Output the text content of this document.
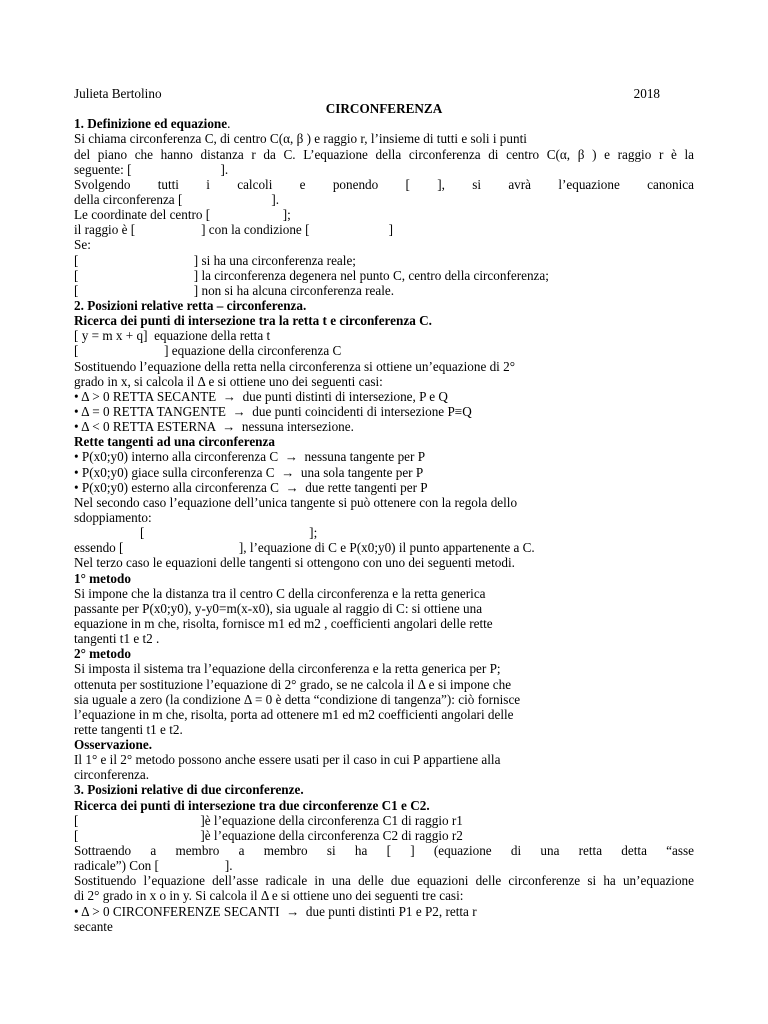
Julieta Bertolino	2018
CIRCONFERENZA
1. Definizione ed equazione.
Si chiama circonferenza C, di centro C(α, β ) e raggio r, l’insieme di tutti e soli i punti
del piano che hanno distanza r da C. L’equazione della circonferenza di centro C(α, β ) e raggio r è la
seguente: [                           ].
Svolgendo tutti i calcoli e ponendo [ ], si avrà l’equazione canonica
della circonferenza [                           ].
Le coordinate del centro [                      ];
il raggio è [                    ] con la condizione [                        ]
Se:
[                                   ] si ha una circonferenza reale;
[                                   ] la circonferenza degenera nel punto C, centro della circonferenza;
[                                   ] non si ha alcuna circonferenza reale.
2. Posizioni relative retta – circonferenza.
Ricerca dei punti di intersezione tra la retta t e circonferenza C.
[ y = m x + q]  equazione della retta t
[                          ] equazione della circonferenza C
Sostituendo l’equazione della retta nella circonferenza si ottiene un’equazione di 2°
grado in x, si calcola il Δ e si ottiene uno dei seguenti casi:
• Δ > 0 RETTA SECANTE  →  due punti distinti di intersezione, P e Q
• Δ = 0 RETTA TANGENTE  →  due punti coincidenti di intersezione P≡Q
• Δ < 0 RETTA ESTERNA  →  nessuna intersezione.
Rette tangenti ad una circonferenza
• P(x0;y0) interno alla circonferenza C  →  nessuna tangente per P
• P(x0;y0) giace sulla circonferenza C  →  una sola tangente per P
• P(x0;y0) esterno alla circonferenza C  →  due rette tangenti per P
Nel secondo caso l’equazione dell’unica tangente si può ottenere con la regola dello
sdoppiamento:
[                                                  ];
essendo [                                   ], l’equazione di C e P(x0;y0) il punto appartenente a C.
Nel terzo caso le equazioni delle tangenti si ottengono con uno dei seguenti metodi.
1° metodo
Si impone che la distanza tra il centro C della circonferenza e la retta generica
passante per P(x0;y0), y-y0=m(x-x0), sia uguale al raggio di C: si ottiene una
equazione in m che, risolta, fornisce m1 ed m2 , coefficienti angolari delle rette
tangenti t1 e t2 .
2° metodo
Si imposta il sistema tra l’equazione della circonferenza e la retta generica per P;
ottenuta per sostituzione l’equazione di 2° grado, se ne calcola il Δ e si impone che
sia uguale a zero (la condizione Δ = 0 è detta “condizione di tangenza”): ciò fornisce
l’equazione in m che, risolta, porta ad ottenere m1 ed m2 coefficienti angolari delle
rette tangenti t1 e t2.
Osservazione.
Il 1° e il 2° metodo possono anche essere usati per il caso in cui P appartiene alla
circonferenza.
3. Posizioni relative di due circonferenze.
Ricerca dei punti di intersezione tra due circonferenze C1 e C2.
[                                     ]è l’equazione della circonferenza C1 di raggio r1
[                                     ]è l’equazione della circonferenza C2 di raggio r2
Sottraendo a membro a membro si ha [ ] (equazione di una retta detta “asse
radicale”) Con [                    ].
Sostituendo l’equazione dell’asse radicale in una delle due equazioni delle circonferenze si ha un’equazione
di 2° grado in x o in y. Si calcola il Δ e si ottiene uno dei seguenti tre casi:
• Δ > 0 CIRCONFERENZE SECANTI  →  due punti distinti P1 e P2, retta r
secante
